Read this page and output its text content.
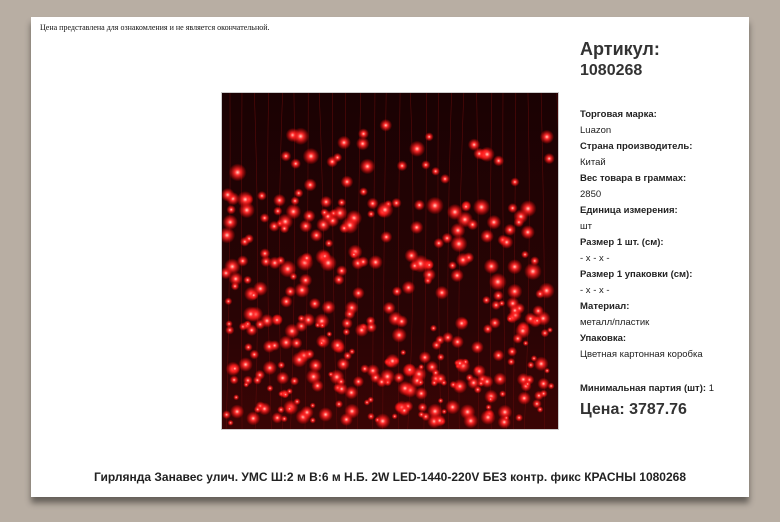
Цена представлена для ознакомления и не является окончательной.
Артикул:
1080268
Торговая марка:
Luazon
Страна производитель:
Китай
Вес товара в граммах:
2850
Единица измерения:
шт
Размер 1 шт. (см):
- x - x -
Размер 1 упаковки (см):
- x - x -
Материал:
металл/пластик
Упаковка:
Цветная картонная коробка
Минимальная партия (шт): 1
Цена: 3787.76
Гирлянда Занавес улич. УМС Ш:2 м В:6 м Н.Б. 2W LED-1440-220V БЕЗ контр. фикс КРАСНЫ 1080268
